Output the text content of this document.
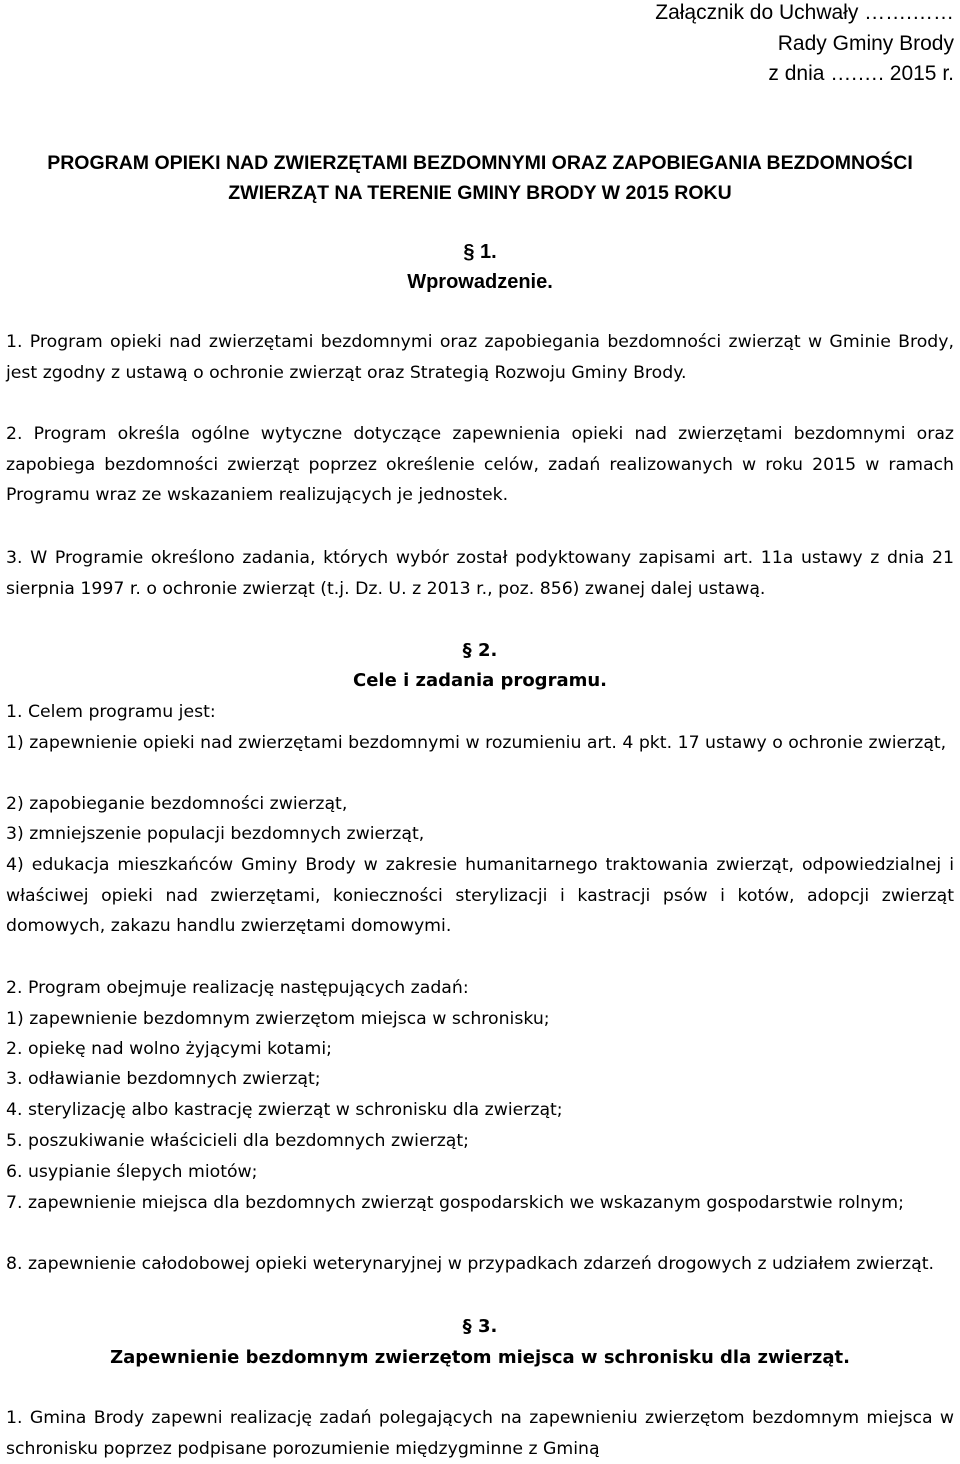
Załącznik do Uchwały …….……
Rady Gminy Brody
z dnia ….…. 2015 r.
PROGRAM OPIEKI NAD ZWIERZĘTAMI BEZDOMNYMI ORAZ ZAPOBIEGANIA BEZDOMNOŚCI
ZWIERZĄT NA TERENIE GMINY BRODY W 2015 ROKU
§ 1.
Wprowadzenie.
1. Program opieki nad zwierzętami bezdomnymi oraz zapobiegania bezdomności zwierząt w Gminie Brody, jest zgodny z ustawą o ochronie zwierząt oraz Strategią Rozwoju Gminy Brody.
2. Program określa ogólne wytyczne dotyczące zapewnienia opieki nad zwierzętami bezdomnymi oraz zapobiega bezdomności zwierząt poprzez określenie celów, zadań realizowanych w roku 2015 w ramach Programu wraz ze wskazaniem realizujących je jednostek.
3. W Programie określono zadania, których wybór został podyktowany zapisami art. 11a ustawy z dnia 21 sierpnia 1997 r. o ochronie zwierząt (t.j. Dz. U. z 2013 r., poz. 856) zwanej dalej ustawą.
§ 2.
Cele i zadania programu.
1. Celem programu jest:
1) zapewnienie opieki nad zwierzętami bezdomnymi w rozumieniu art. 4 pkt. 17 ustawy o ochronie zwierząt,
2) zapobieganie bezdomności zwierząt,
3) zmniejszenie populacji bezdomnych zwierząt,
4) edukacja mieszkańców Gminy Brody w zakresie humanitarnego traktowania zwierząt, odpowiedzialnej i właściwej opieki nad zwierzętami, konieczności sterylizacji i kastracji psów i kotów, adopcji zwierząt domowych, zakazu handlu zwierzętami domowymi.
2. Program obejmuje realizację następujących zadań:
1) zapewnienie bezdomnym zwierzętom miejsca w schronisku;
2. opiekę nad wolno żyjącymi kotami;
3. odławianie bezdomnych zwierząt;
4. sterylizację albo kastrację zwierząt w schronisku dla zwierząt;
5. poszukiwanie właścicieli dla bezdomnych zwierząt;
6. usypianie ślepych miotów;
7. zapewnienie miejsca dla bezdomnych zwierząt gospodarskich we wskazanym gospodarstwie rolnym;
8. zapewnienie całodobowej opieki weterynaryjnej w przypadkach zdarzeń drogowych z udziałem zwierząt.
§ 3.
Zapewnienie bezdomnym zwierzętom miejsca w schronisku dla zwierząt.
1. Gmina Brody zapewni realizację zadań polegających na zapewnieniu zwierzętom bezdomnym miejsca w schronisku poprzez podpisane porozumienie międzygminne z Gminą
